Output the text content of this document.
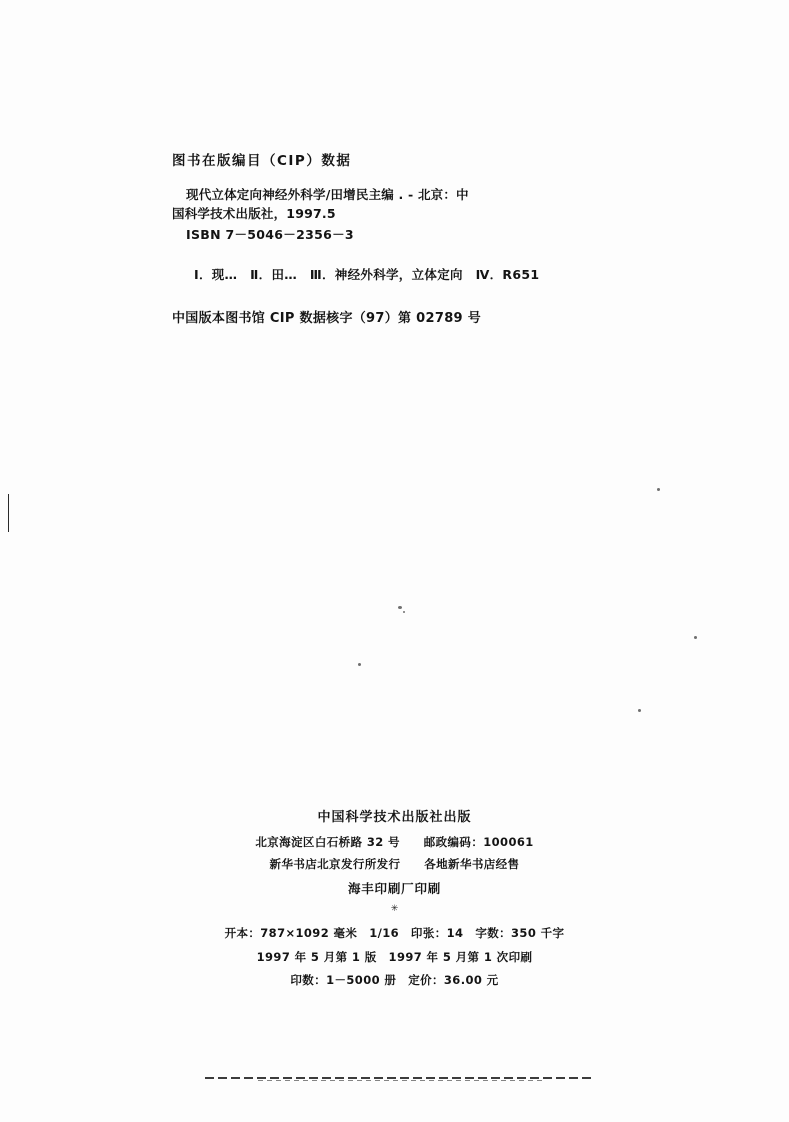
图书在版编目（CIP）数据
现代立体定向神经外科学/田增民主编 . - 北京：中
国科学技术出版社，1997.5
ISBN 7－5046－2356－3
Ⅰ．现…　Ⅱ．田…　Ⅲ．神经外科学，立体定向　Ⅳ．R651
中国版本图书馆 CIP 数据核字（97）第 02789 号
中国科学技术出版社出版
北京海淀区白石桥路 32 号　　邮政编码：100061
新华书店北京发行所发行　　各地新华书店经售
海丰印刷厂印刷
✳
开本：787×1092 毫米　1/16　印张：14　字数：350 千字
1997 年 5 月第 1 版　1997 年 5 月第 1 次印刷
印数：1－5000 册　定价：36.00 元
